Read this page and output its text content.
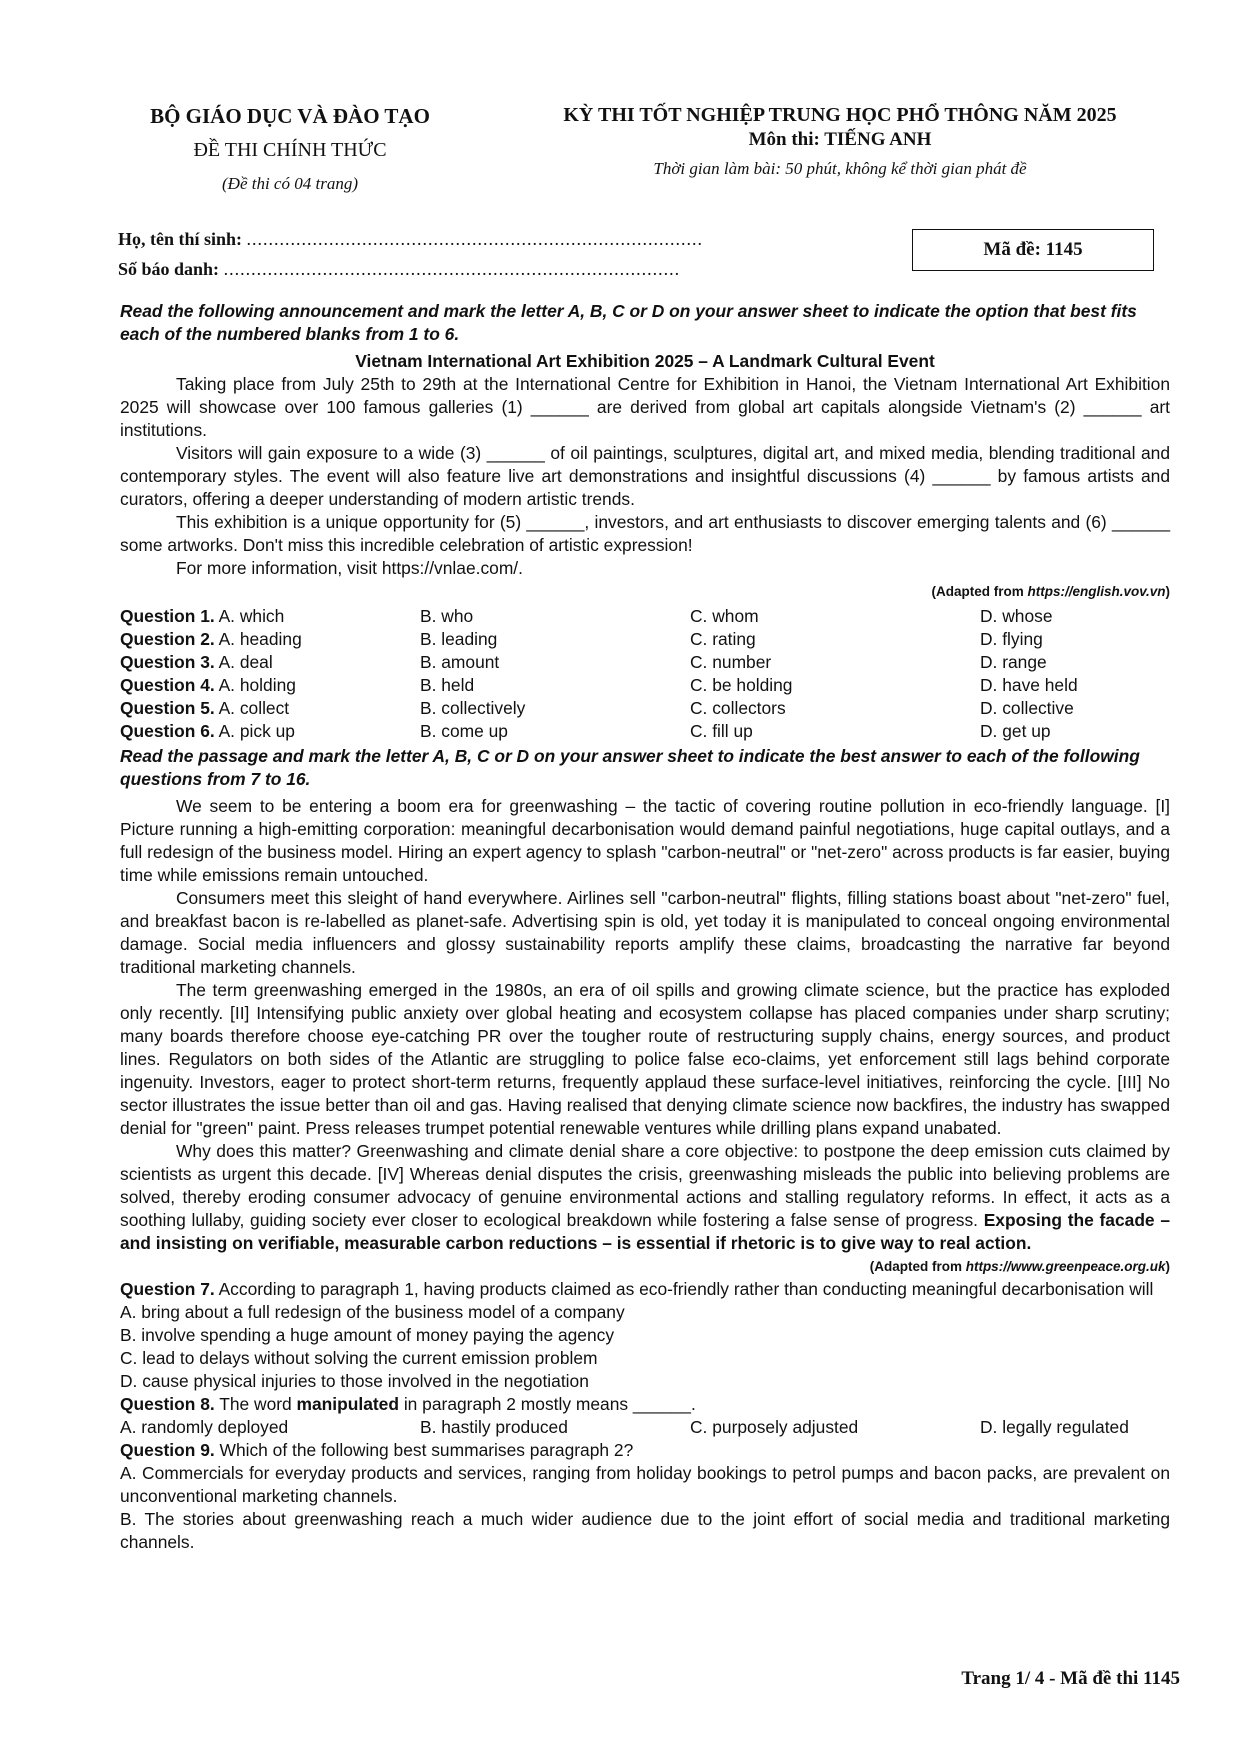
BỘ GIÁO DỤC VÀ ĐÀO TẠO
ĐỀ THI CHÍNH THỨC
(Đề thi có 04 trang)
KỲ THI TỐT NGHIỆP TRUNG HỌC PHỔ THÔNG NĂM 2025
Môn thi: TIẾNG ANH
Thời gian làm bài: 50 phút, không kể thời gian phát đề
Họ, tên thí sinh: ...................................................................................
Số báo danh: ...................................................................................
Mã đề: 1145

Read the following announcement and mark the letter A, B, C or D on your answer sheet to indicate the option that best fits each of the numbered blanks from 1 to 6.

Vietnam International Art Exhibition 2025 – A Landmark Cultural Event

Taking place from July 25th to 29th at the International Centre for Exhibition in Hanoi, the Vietnam International Art Exhibition 2025 will showcase over 100 famous galleries (1) ______ are derived from global art capitals alongside Vietnam's (2) ______ art institutions.

Visitors will gain exposure to a wide (3) ______ of oil paintings, sculptures, digital art, and mixed media, blending traditional and contemporary styles. The event will also feature live art demonstrations and insightful discussions (4) ______ by famous artists and curators, offering a deeper understanding of modern artistic trends.

This exhibition is a unique opportunity for (5) ______, investors, and art enthusiasts to discover emerging talents and (6) ______ some artworks. Don't miss this incredible celebration of artistic expression!

For more information, visit https://vnlae.com/.

(Adapted from https://english.vov.vn)

Question 1. A. which	B. who	C. whom	D. whose
Question 2. A. heading	B. leading	C. rating	D. flying
Question 3. A. deal	B. amount	C. number	D. range
Question 4. A. holding	B. held	C. be holding	D. have held
Question 5. A. collect	B. collectively	C. collectors	D. collective
Question 6. A. pick up	B. come up	C. fill up	D. get up

Read the passage and mark the letter A, B, C or D on your answer sheet to indicate the best answer to each of the following questions from 7 to 16.

We seem to be entering a boom era for greenwashing – the tactic of covering routine pollution in eco-friendly language. [I] Picture running a high-emitting corporation: meaningful decarbonisation would demand painful negotiations, huge capital outlays, and a full redesign of the business model. Hiring an expert agency to splash "carbon-neutral" or "net-zero" across products is far easier, buying time while emissions remain untouched.

Consumers meet this sleight of hand everywhere. Airlines sell "carbon-neutral" flights, filling stations boast about "net-zero" fuel, and breakfast bacon is re-labelled as planet-safe. Advertising spin is old, yet today it is manipulated to conceal ongoing environmental damage. Social media influencers and glossy sustainability reports amplify these claims, broadcasting the narrative far beyond traditional marketing channels.

The term greenwashing emerged in the 1980s, an era of oil spills and growing climate science, but the practice has exploded only recently. [II] Intensifying public anxiety over global heating and ecosystem collapse has placed companies under sharp scrutiny; many boards therefore choose eye-catching PR over the tougher route of restructuring supply chains, energy sources, and product lines. Regulators on both sides of the Atlantic are struggling to police false eco-claims, yet enforcement still lags behind corporate ingenuity. Investors, eager to protect short-term returns, frequently applaud these surface-level initiatives, reinforcing the cycle. [III] No sector illustrates the issue better than oil and gas. Having realised that denying climate science now backfires, the industry has swapped denial for "green" paint. Press releases trumpet potential renewable ventures while drilling plans expand unabated.

Why does this matter? Greenwashing and climate denial share a core objective: to postpone the deep emission cuts claimed by scientists as urgent this decade. [IV] Whereas denial disputes the crisis, greenwashing misleads the public into believing problems are solved, thereby eroding consumer advocacy of genuine environmental actions and stalling regulatory reforms. In effect, it acts as a soothing lullaby, guiding society ever closer to ecological breakdown while fostering a false sense of progress. Exposing the facade – and insisting on verifiable, measurable carbon reductions – is essential if rhetoric is to give way to real action.

(Adapted from https://www.greenpeace.org.uk)

Question 7. According to paragraph 1, having products claimed as eco-friendly rather than conducting meaningful decarbonisation will

A. bring about a full redesign of the business model of a company

B. involve spending a huge amount of money paying the agency

C. lead to delays without solving the current emission problem

D. cause physical injuries to those involved in the negotiation

Question 8. The word manipulated in paragraph 2 mostly means ______.

A. randomly deployed	B. hastily produced	C. purposely adjusted	D. legally regulated

Question 9. Which of the following best summarises paragraph 2?

A. Commercials for everyday products and services, ranging from holiday bookings to petrol pumps and bacon packs, are prevalent on unconventional marketing channels.

B. The stories about greenwashing reach a much wider audience due to the joint effort of social media and traditional marketing channels.

Trang 1/ 4 - Mã đề thi 1145
